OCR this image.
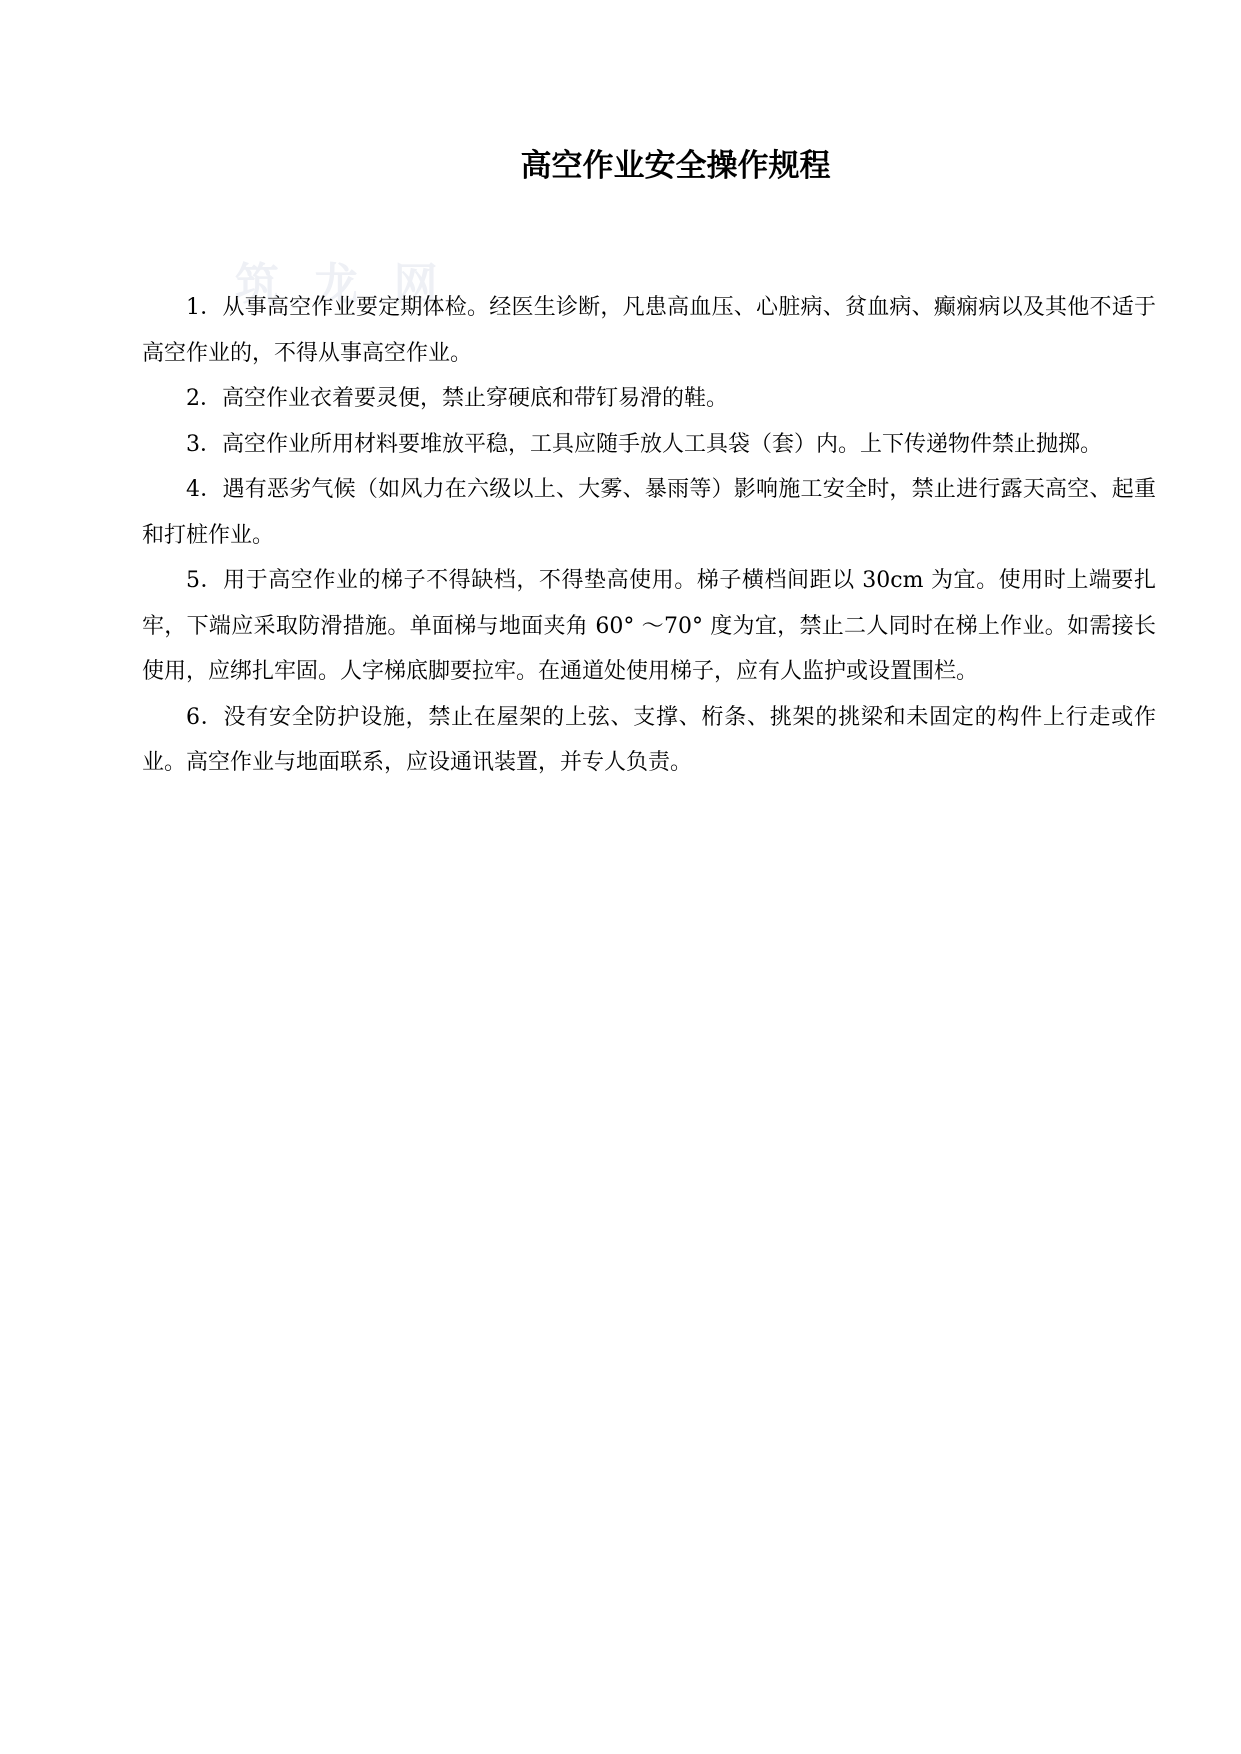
筑 龙 网
高空作业安全操作规程

1．从事高空作业要定期体检。经医生诊断，凡患高血压、心脏病、贫血病、癫痫病以及其他不适于高空作业的，不得从事高空作业。

2．高空作业衣着要灵便，禁止穿硬底和带钉易滑的鞋。

3．高空作业所用材料要堆放平稳，工具应随手放人工具袋（套）内。上下传递物件禁止抛掷。

4．遇有恶劣气候（如风力在六级以上、大雾、暴雨等）影响施工安全时，禁止进行露天高空、起重和打桩作业。

5．用于高空作业的梯子不得缺档，不得垫高使用。梯子横档间距以 30cm 为宜。使用时上端要扎牢，下端应采取防滑措施。单面梯与地面夹角 60° ～70° 度为宜，禁止二人同时在梯上作业。如需接长使用，应绑扎牢固。人字梯底脚要拉牢。在通道处使用梯子，应有人监护或设置围栏。

6．没有安全防护设施，禁止在屋架的上弦、支撑、桁条、挑架的挑梁和未固定的构件上行走或作业。高空作业与地面联系，应设通讯装置，并专人负责。
